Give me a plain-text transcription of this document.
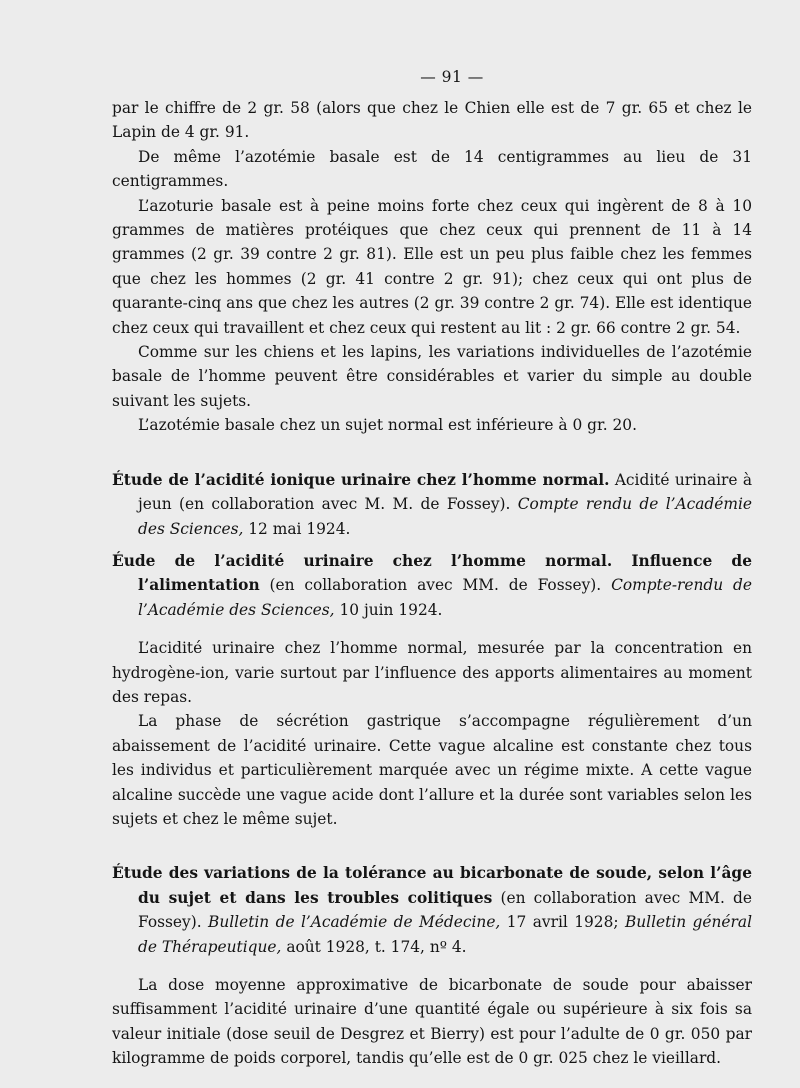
— 91 —

par le chiffre de 2 gr. 58 (alors que chez le Chien elle est de 7 gr. 65 et chez le Lapin de 4 gr. 91.

De même l’azotémie basale est de 14 centigrammes au lieu de 31 centigrammes.

L’azoturie basale est à peine moins forte chez ceux qui ingèrent de 8 à 10 grammes de matières protéiques que chez ceux qui prennent de 11 à 14 grammes (2 gr. 39 contre 2 gr. 81). Elle est un peu plus faible chez les femmes que chez les hommes (2 gr. 41 contre 2 gr. 91); chez ceux qui ont plus de quarante-cinq ans que chez les autres (2 gr. 39 contre 2 gr. 74). Elle est identique chez ceux qui travaillent et chez ceux qui restent au lit : 2 gr. 66 contre 2 gr. 54.

Comme sur les chiens et les lapins, les variations individuelles de l’azotémie basale de l’homme peuvent être considérables et varier du simple au double suivant les sujets.

L’azotémie basale chez un sujet normal est inférieure à 0 gr. 20.

Étude de l’acidité ionique urinaire chez l’homme normal. Acidité urinaire à jeun (en collaboration avec M. M. de Fossey). Compte rendu de l’Académie des Sciences, 12 mai 1924.
Éude de l’acidité urinaire chez l’homme normal. Influence de l’alimentation (en collaboration avec MM. de Fossey). Compte-rendu de l’Académie des Sciences, 10 juin 1924.

L’acidité urinaire chez l’homme normal, mesurée par la concentration en hydrogène-ion, varie surtout par l’influence des apports alimentaires au moment des repas.

La phase de sécrétion gastrique s’accompagne régulièrement d’un abaissement de l’acidité urinaire. Cette vague alcaline est constante chez tous les individus et particulièrement marquée avec un régime mixte. A cette vague alcaline succède une vague acide dont l’allure et la durée sont variables selon les sujets et chez le même sujet.

Étude des variations de la tolérance au bicarbonate de soude, selon l’âge du sujet et dans les troubles colitiques (en collaboration avec MM. de Fossey). Bulletin de l’Académie de Médecine, 17 avril 1928; Bulletin général de Thérapeutique, août 1928, t. 174, nº 4.

La dose moyenne approximative de bicarbonate de soude pour abaisser suffisamment l’acidité urinaire d’une quantité égale ou supérieure à six fois sa valeur initiale (dose seuil de Desgrez et Bierry) est pour l’adulte de 0 gr. 050 par kilogramme de poids corporel, tandis qu’elle est de 0 gr. 025 chez le vieillard.
